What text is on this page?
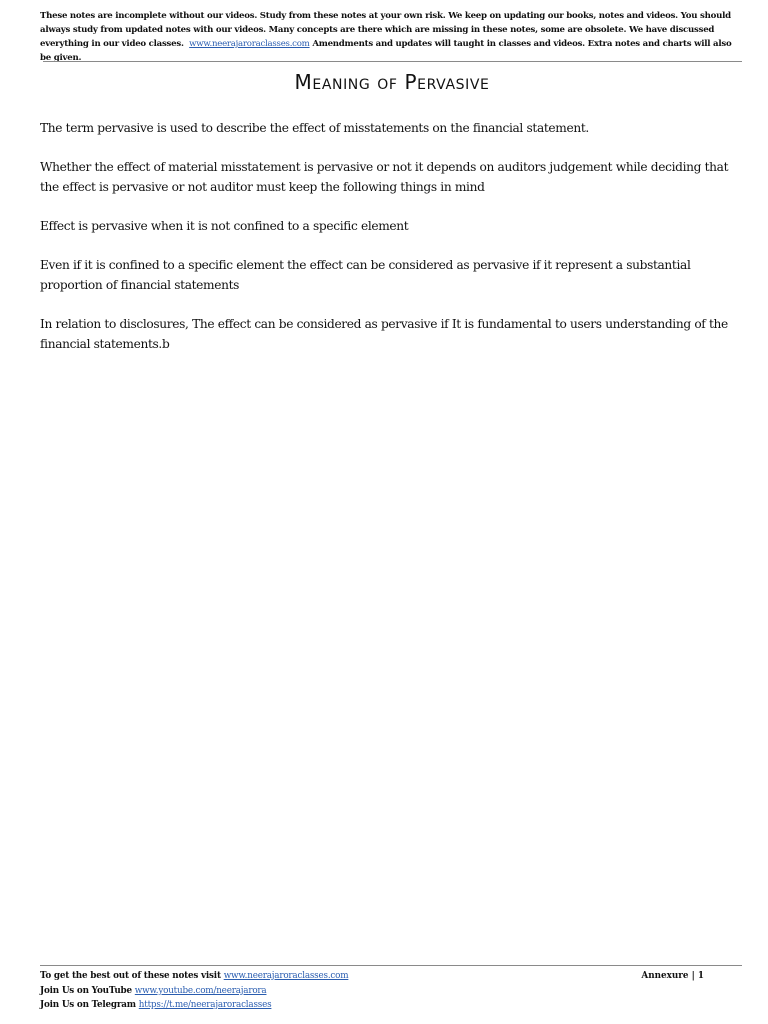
These notes are incomplete without our videos. Study from these notes at your own risk. We keep on updating our books, notes and videos. You should always study from updated notes with our videos. Many concepts are there which are missing in these notes, some are obsolete. We have discussed everything in our video classes. www.neerajaroraclasses.com Amendments and updates will taught in classes and videos. Extra notes and charts will also be given.
Meaning of Pervasive

The term pervasive is used to describe the effect of misstatements on the financial statement.

Whether the effect of material misstatement is pervasive or not it depends on auditors judgement while deciding that the effect is pervasive or not auditor must keep the following things in mind

Effect is pervasive when it is not confined to a specific element

Even if it is confined to a specific element the effect can be considered as pervasive if it represent a substantial proportion of financial statements

In relation to disclosures, The effect can be considered as pervasive if It is fundamental to users understanding of the financial statements.b

To get the best out of these notes visit www.neerajaroraclasses.com
Join Us on YouTube www.youtube.com/neerajarora
Join Us on Telegram https://t.me/neerajaroraclasses
Annexure | 1
